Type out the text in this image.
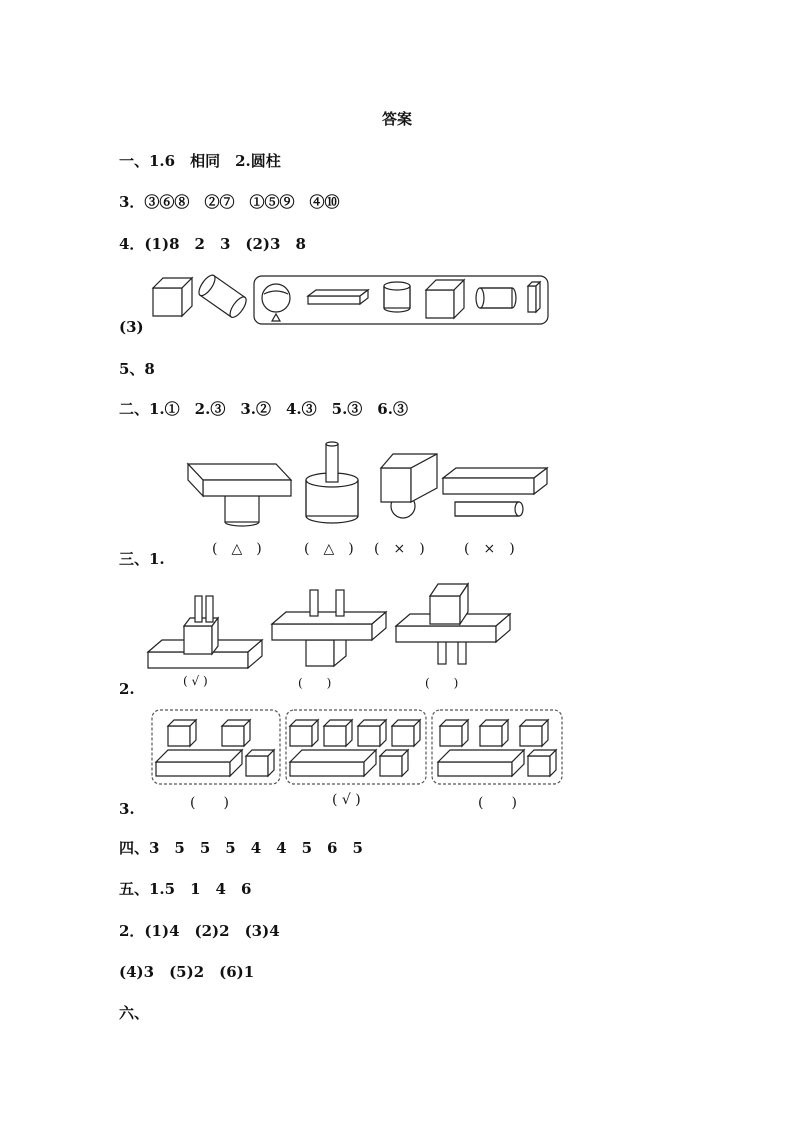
答案
一、1.6　相同　2.圆柱
3．③⑥⑧　②⑦　①⑤⑨　④⑩
4．(1)8　2　3　(2)3　8
(3)
5、8
二、1.①　2.③　3.②　4.③　5.③　6.③
(　△　)	(　△　) (　×　)	(　×　)
三、1.
( √ )	(　　)	(　　)
2.
(　　)	( √ )	(　　)
3.
四、3　5　5　5　4　4　5　6　5
五、1.5　1　4　6
2．(1)4　(2)2　(3)4
(4)3　(5)2　(6)1
六、
